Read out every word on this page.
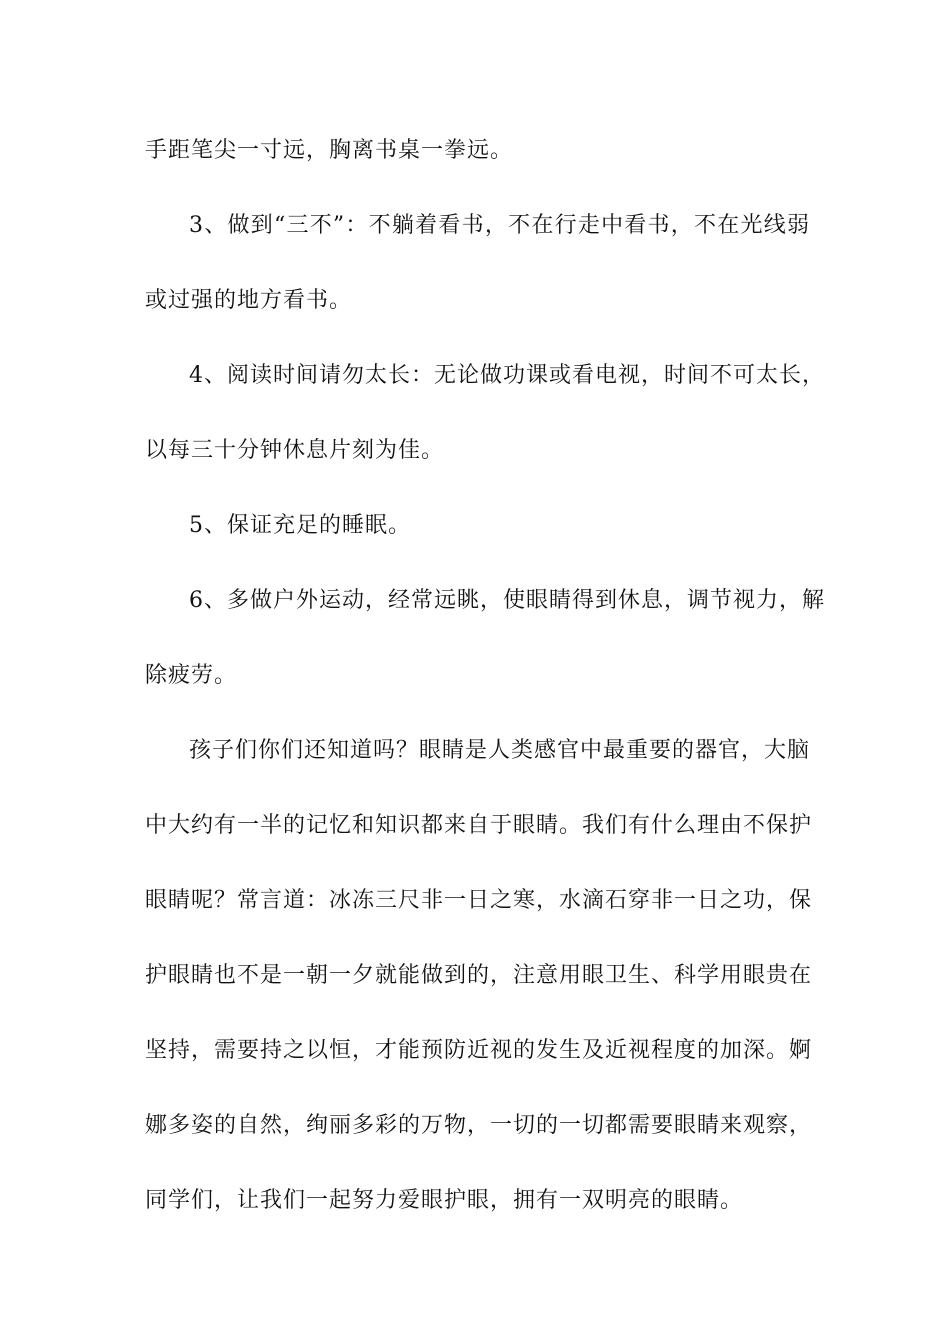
手距笔尖一寸远，胸离书桌一拳远。
3、做到“三不”：不躺着看书，不在行走中看书，不在光线弱
或过强的地方看书。
4、阅读时间请勿太长：无论做功课或看电视，时间不可太长，
以每三十分钟休息片刻为佳。
5、保证充足的睡眠。
6、多做户外运动，经常远眺，使眼睛得到休息，调节视力，解
除疲劳。
孩子们你们还知道吗？眼睛是人类感官中最重要的器官，大脑
中大约有一半的记忆和知识都来自于眼睛。我们有什么理由不保护
眼睛呢？常言道：冰冻三尺非一日之寒，水滴石穿非一日之功，保
护眼睛也不是一朝一夕就能做到的，注意用眼卫生、科学用眼贵在
坚持，需要持之以恒，才能预防近视的发生及近视程度的加深。婀
娜多姿的自然，绚丽多彩的万物，一切的一切都需要眼睛来观察，
同学们，让我们一起努力爱眼护眼，拥有一双明亮的眼睛。
